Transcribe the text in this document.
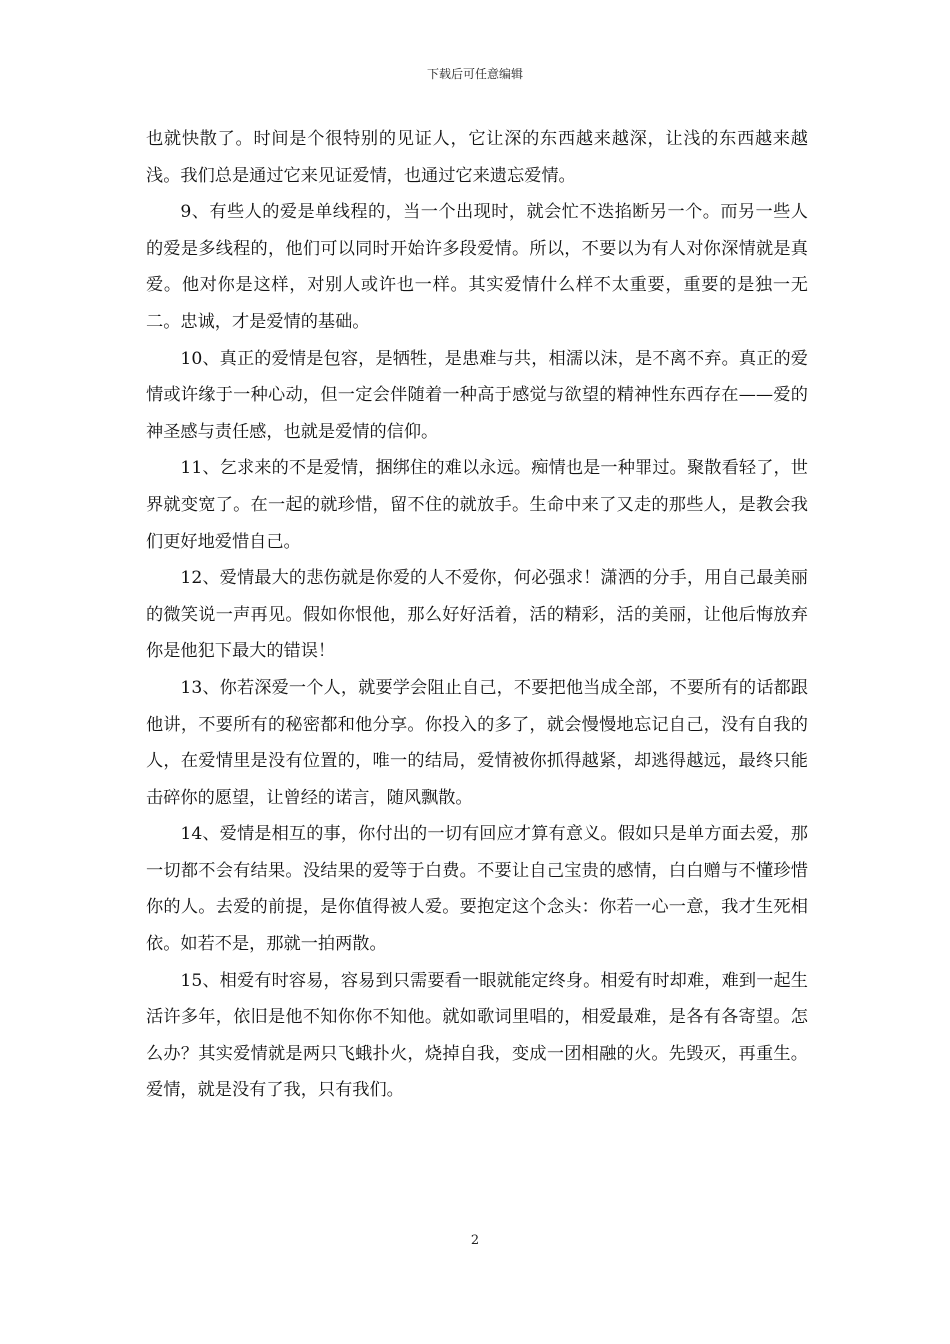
下载后可任意编辑

也就快散了。时间是个很特别的见证人，它让深的东西越来越深，让浅的东西越来越浅。我们总是通过它来见证爱情，也通过它来遗忘爱情。

9、有些人的爱是单线程的，当一个出现时，就会忙不迭掐断另一个。而另一些人的爱是多线程的，他们可以同时开始许多段爱情。所以，不要以为有人对你深情就是真爱。他对你是这样，对别人或许也一样。其实爱情什么样不太重要，重要的是独一无二。忠诚，才是爱情的基础。

10、真正的爱情是包容，是牺牲，是患难与共，相濡以沫，是不离不弃。真正的爱情或许缘于一种心动，但一定会伴随着一种高于感觉与欲望的精神性东西存在——爱的神圣感与责任感，也就是爱情的信仰。

11、乞求来的不是爱情，捆绑住的难以永远。痴情也是一种罪过。聚散看轻了，世界就变宽了。在一起的就珍惜，留不住的就放手。生命中来了又走的那些人，是教会我们更好地爱惜自己。

12、爱情最大的悲伤就是你爱的人不爱你，何必强求！潇洒的分手，用自己最美丽的微笑说一声再见。假如你恨他，那么好好活着，活的精彩，活的美丽，让他后悔放弃你是他犯下最大的错误！

13、你若深爱一个人，就要学会阻止自己，不要把他当成全部，不要所有的话都跟他讲，不要所有的秘密都和他分享。你投入的多了，就会慢慢地忘记自己，没有自我的人，在爱情里是没有位置的，唯一的结局，爱情被你抓得越紧，却逃得越远，最终只能击碎你的愿望，让曾经的诺言，随风飘散。

14、爱情是相互的事，你付出的一切有回应才算有意义。假如只是单方面去爱，那一切都不会有结果。没结果的爱等于白费。不要让自己宝贵的感情，白白赠与不懂珍惜你的人。去爱的前提，是你值得被人爱。要抱定这个念头：你若一心一意，我才生死相依。如若不是，那就一拍两散。

15、相爱有时容易，容易到只需要看一眼就能定终身。相爱有时却难，难到一起生活许多年，依旧是他不知你你不知他。就如歌词里唱的，相爱最难，是各有各寄望。怎么办？其实爱情就是两只飞蛾扑火，烧掉自我，变成一团相融的火。先毁灭，再重生。爱情，就是没有了我，只有我们。

2
